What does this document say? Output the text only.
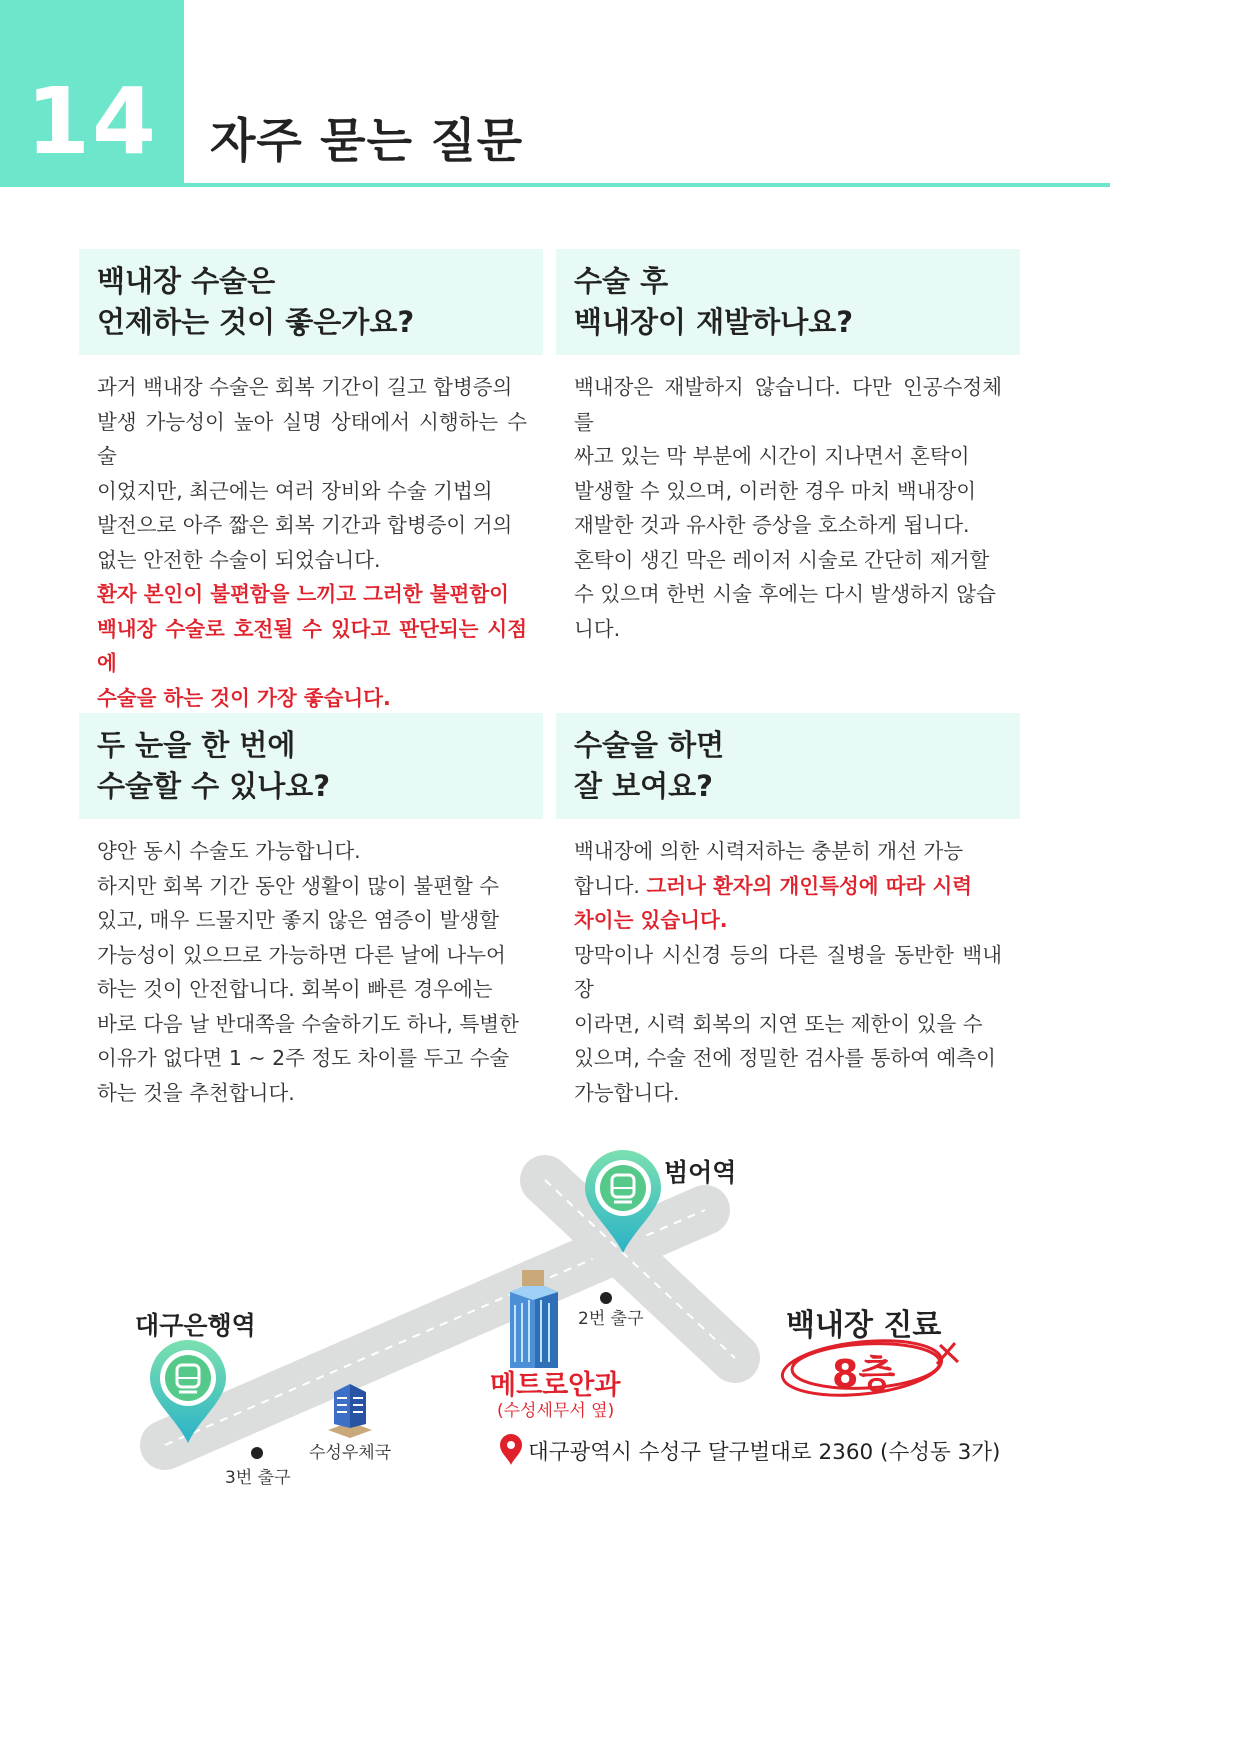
14	자주 묻는 질문
백내장 수술은
언제하는 것이 좋은가요?

과거 백내장 수술은 회복 기간이 길고 합병증의

발생 가능성이 높아 실명 상태에서 시행하는 수술

이었지만, 최근에는 여러 장비와 수술 기법의

발전으로 아주 짧은 회복 기간과 합병증이 거의

없는 안전한 수술이 되었습니다.

환자 본인이 불편함을 느끼고 그러한 불편함이

백내장 수술로 호전될 수 있다고 판단되는 시점에

수술을 하는 것이 가장 좋습니다.

수술 후
백내장이 재발하나요?

백내장은 재발하지 않습니다. 다만 인공수정체를

싸고 있는 막 부분에 시간이 지나면서 혼탁이

발생할 수 있으며, 이러한 경우 마치 백내장이

재발한 것과 유사한 증상을 호소하게 됩니다.

혼탁이 생긴 막은 레이저 시술로 간단히 제거할

수 있으며 한번 시술 후에는 다시 발생하지 않습

니다.

두 눈을 한 번에
수술할 수 있나요?

양안 동시 수술도 가능합니다.

하지만 회복 기간 동안 생활이 많이 불편할 수

있고, 매우 드물지만 좋지 않은 염증이 발생할

가능성이 있으므로 가능하면 다른 날에 나누어

하는 것이 안전합니다. 회복이 빠른 경우에는

바로 다음 날 반대쪽을 수술하기도 하나, 특별한

이유가 없다면 1 ~ 2주 정도 차이를 두고 수술

하는 것을 추천합니다.

수술을 하면
잘 보여요?

백내장에 의한 시력저하는 충분히 개선 가능

합니다. 그러나 환자의 개인특성에 따라 시력

차이는 있습니다.

망막이나 시신경 등의 다른 질병을 동반한 백내장

이라면, 시력 회복의 지연 또는 제한이 있을 수

있으며, 수술 전에 정밀한 검사를 통하여 예측이

가능합니다.

범어역
대구은행역	2번 출구
3번 출구
수성우체국
메트로안과
(수성세무서 옆)
백내장 진료
8층
대구광역시 수성구 달구벌대로 2360 (수성동 3가)
